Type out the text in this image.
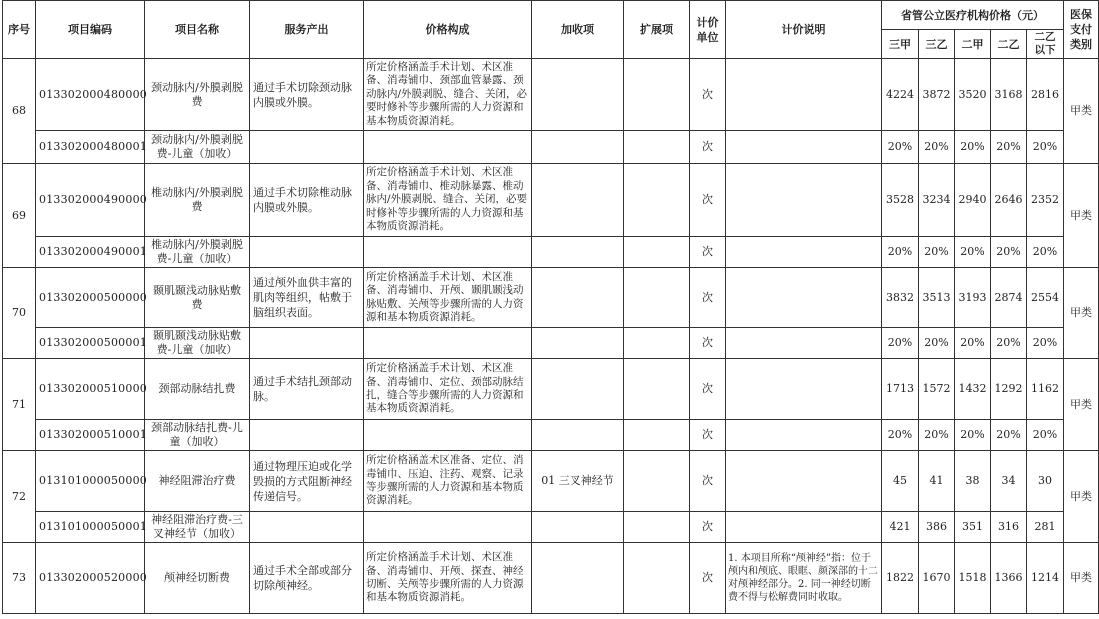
序号	项目编码	项目名称	服务产出	价格构成	加收项	扩展项	计价单位	计价说明	省管公立医疗机构价格（元）					医保支付类别
									三甲	三乙	二甲	二乙	二乙以下	
68	013302000480000	颈动脉内/外膜剥脱费	通过手术切除颈动脉内膜或外膜。	所定价格涵盖手术计划、术区准备、消毒铺巾、颈部血管暴露、颈动脉内/外膜剥脱、缝合、关闭，必要时修补等步骤所需的人力资源和基本物质资源消耗。			次		4224	3872	3520	3168	2816	甲类
	013302000480001	颈动脉内/外膜剥脱费-儿童（加收）					次		20%	20%	20%	20%	20%	
69	013302000490000	椎动脉内/外膜剥脱费	通过手术切除椎动脉内膜或外膜。	所定价格涵盖手术计划、术区准备、消毒铺巾、椎动脉暴露、椎动脉内/外膜剥脱、缝合、关闭，必要时修补等步骤所需的人力资源和基本物质资源消耗。			次		3528	3234	2940	2646	2352	甲类
	013302000490001	椎动脉内/外膜剥脱费-儿童（加收）					次		20%	20%	20%	20%	20%	
70	013302000500000	颞肌颞浅动脉贴敷费	通过颅外血供丰富的肌肉等组织，帖敷于脑组织表面。	所定价格涵盖手术计划、术区准备、消毒铺巾、开颅、颞肌颞浅动脉贴敷、关颅等步骤所需的人力资源和基本物质资源消耗。			次		3832	3513	3193	2874	2554	甲类
	013302000500001	颞肌颞浅动脉贴敷费-儿童（加收）					次		20%	20%	20%	20%	20%	
71	013302000510000	颈部动脉结扎费	通过手术结扎颈部动脉。	所定价格涵盖手术计划、术区准备、消毒铺巾、定位、颈部动脉结扎，缝合等步骤所需的人力资源和基本物质资源消耗。			次		1713	1572	1432	1292	1162	甲类
	013302000510001	颈部动脉结扎费-儿童（加收）					次		20%	20%	20%	20%	20%	
72	013101000050000	神经阻滞治疗费	通过物理压迫或化学毁损的方式阻断神经传递信号。	所定价格涵盖术区准备、定位、消毒铺巾、压迫、注药、观察、记录等步骤所需的人力资源和基本物质资源消耗。	01 三叉神经节		次		45	41	38	34	30	甲类
	013101000050001	神经阻滞治疗费-三叉神经节（加收）					次		421	386	351	316	281	
73	013302000520000	颅神经切断费	通过手术全部或部分切除颅神经。	所定价格涵盖手术计划、术区准备、消毒铺巾、开颅、探查、神经切断、关颅等步骤所需的人力资源和基本物质资源消耗。			次	1. 本项目所称“颅神经”指：位于颅内和颅底、眼眶、颜深部的十二对颅神经部分。2. 同一神经切断费不得与松解费同时收取。	1822	1670	1518	1366	1214	甲类
